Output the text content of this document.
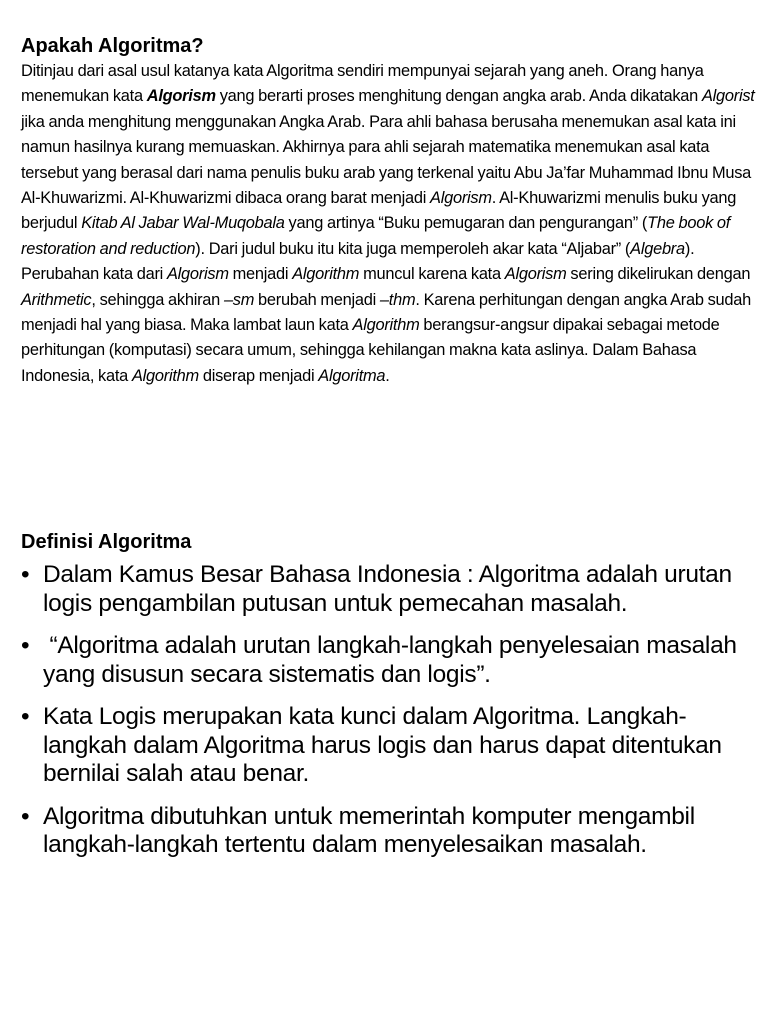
Apakah Algoritma?

Ditinjau dari asal usul katanya kata Algoritma sendiri mempunyai sejarah yang aneh. Orang hanya menemukan kata Algorism yang berarti proses menghitung dengan angka arab. Anda dikatakan Algorist jika anda menghitung menggunakan Angka Arab. Para ahli bahasa berusaha menemukan asal kata ini namun hasilnya kurang memuaskan. Akhirnya para ahli sejarah matematika menemukan asal kata tersebut yang berasal dari nama penulis buku arab yang terkenal yaitu Abu Ja’far Muhammad Ibnu Musa Al-Khuwarizmi. Al-Khuwarizmi dibaca orang barat menjadi Algorism. Al-Khuwarizmi menulis buku yang berjudul Kitab Al Jabar Wal-Muqobala yang artinya “Buku pemugaran dan pengurangan” (The book of restoration and reduction). Dari judul buku itu kita juga memperoleh akar kata “Aljabar” (Algebra). Perubahan kata dari Algorism menjadi Algorithm muncul karena kata Algorism sering dikelirukan dengan Arithmetic, sehingga akhiran –sm berubah menjadi –thm. Karena perhitungan dengan angka Arab sudah menjadi hal yang biasa. Maka lambat laun kata Algorithm berangsur-angsur dipakai sebagai metode perhitungan (komputasi) secara umum, sehingga kehilangan makna kata aslinya. Dalam Bahasa Indonesia, kata Algorithm diserap menjadi Algoritma.

Definisi Algoritma
• Dalam Kamus Besar Bahasa Indonesia : Algoritma adalah urutan logis pengambilan putusan untuk pemecahan masalah.
• “Algoritma adalah urutan langkah-langkah penyelesaian masalah yang disusun secara sistematis dan logis”.
• Kata Logis merupakan kata kunci dalam Algoritma. Langkah-langkah dalam Algoritma harus logis dan harus dapat ditentukan bernilai salah atau benar.
• Algoritma dibutuhkan untuk memerintah komputer mengambil langkah-langkah tertentu dalam menyelesaikan masalah.
